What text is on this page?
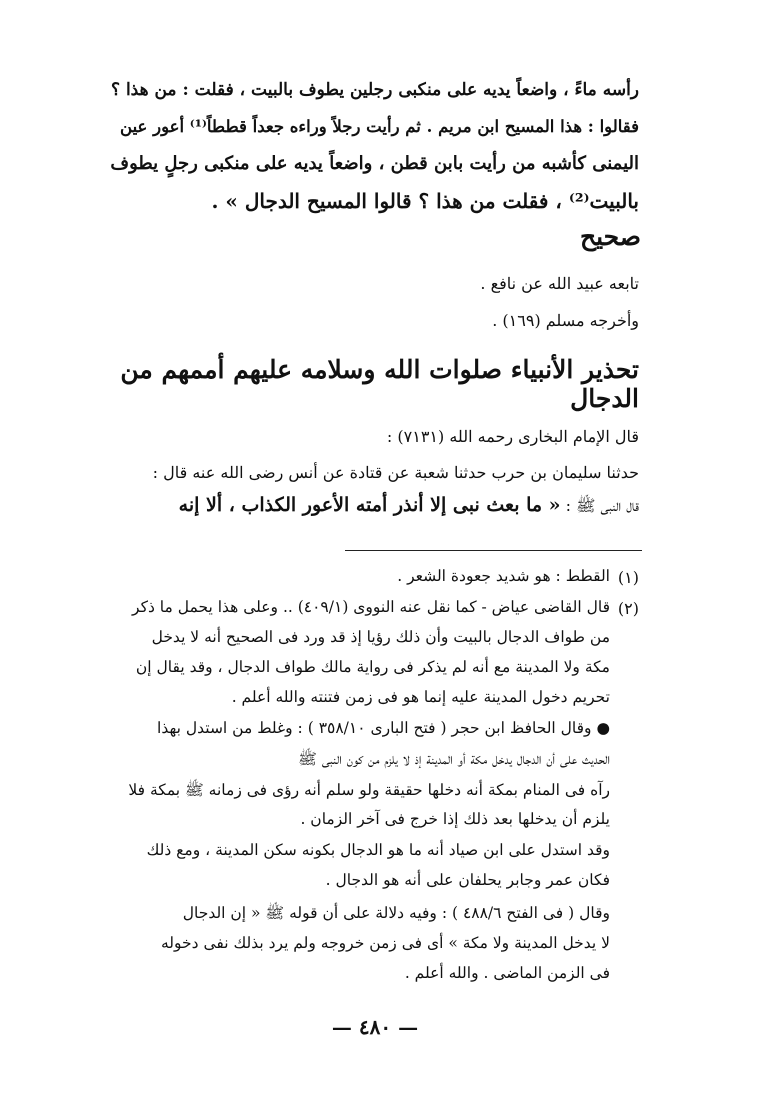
رأسه ماءً ، واضعاً يديه على منكبى رجلين يطوف بالبيت ، فقلت : من هذا ؟
فقالوا : هذا المسيح ابن مريم . ثم رأيت رجلاً وراءه جعداً قططاً⁽¹⁾ أعور عين
اليمنى كأشبه من رأيت بابن قطن ، واضعاً يديه على منكبى رجلٍ يطوف
بالبيت⁽²⁾ ، فقلت من هذا ؟ قالوا المسيح الدجال » .
صحيح
تابعه عبيد الله عن نافع .
وأخرجه مسلم (١٦٩) .
تحذير الأنبياء صلوات الله وسلامه عليهم أممهم من الدجال
قال الإمام البخارى رحمه الله (٧١٣١) :
حدثنا سليمان بن حرب حدثنا شعبة عن قتادة عن أنس رضى الله عنه قال :
قال النبى ﷺ : « ما بعث نبى إلا أنذر أمته الأعور الكذاب ، ألا إنه
(١)
القطط : هو شديد جعودة الشعر .
(٢)
قال القاضى عياض - كما نقل عنه النووى (٤٠٩/١) .. وعلى هذا يحمل ما ذكر
من طواف الدجال بالبيت وأن ذلك رؤيا إذ قد ورد فى الصحيح أنه لا يدخل
مكة ولا المدينة مع أنه لم يذكر فى رواية مالك طواف الدجال ، وقد يقال إن
تحريم دخول المدينة عليه إنما هو فى زمن فتنته والله أعلم .
● وقال الحافظ ابن حجر ( فتح البارى ٣٥٨/١٠ ) : وغلط من استدل بهذا
الحديث على أن الدجال يدخل مكة أو المدينة إذ لا يلزم من كون النبى ﷺ
رآه فى المنام بمكة أنه دخلها حقيقة ولو سلم أنه رؤى فى زمانه ﷺ بمكة فلا
يلزم أن يدخلها بعد ذلك إذا خرج فى آخر الزمان .
وقد استدل على ابن صياد أنه ما هو الدجال بكونه سكن المدينة ، ومع ذلك
فكان عمر وجابر يحلفان على أنه هو الدجال .
وقال ( فى الفتح ٤٨٨/٦ ) : وفيه دلالة على أن قوله ﷺ « إن الدجال
لا يدخل المدينة ولا مكة » أى فى زمن خروجه ولم يرد بذلك نفى دخوله
فى الزمن الماضى . والله أعلم .
— ٤٨٠ —
